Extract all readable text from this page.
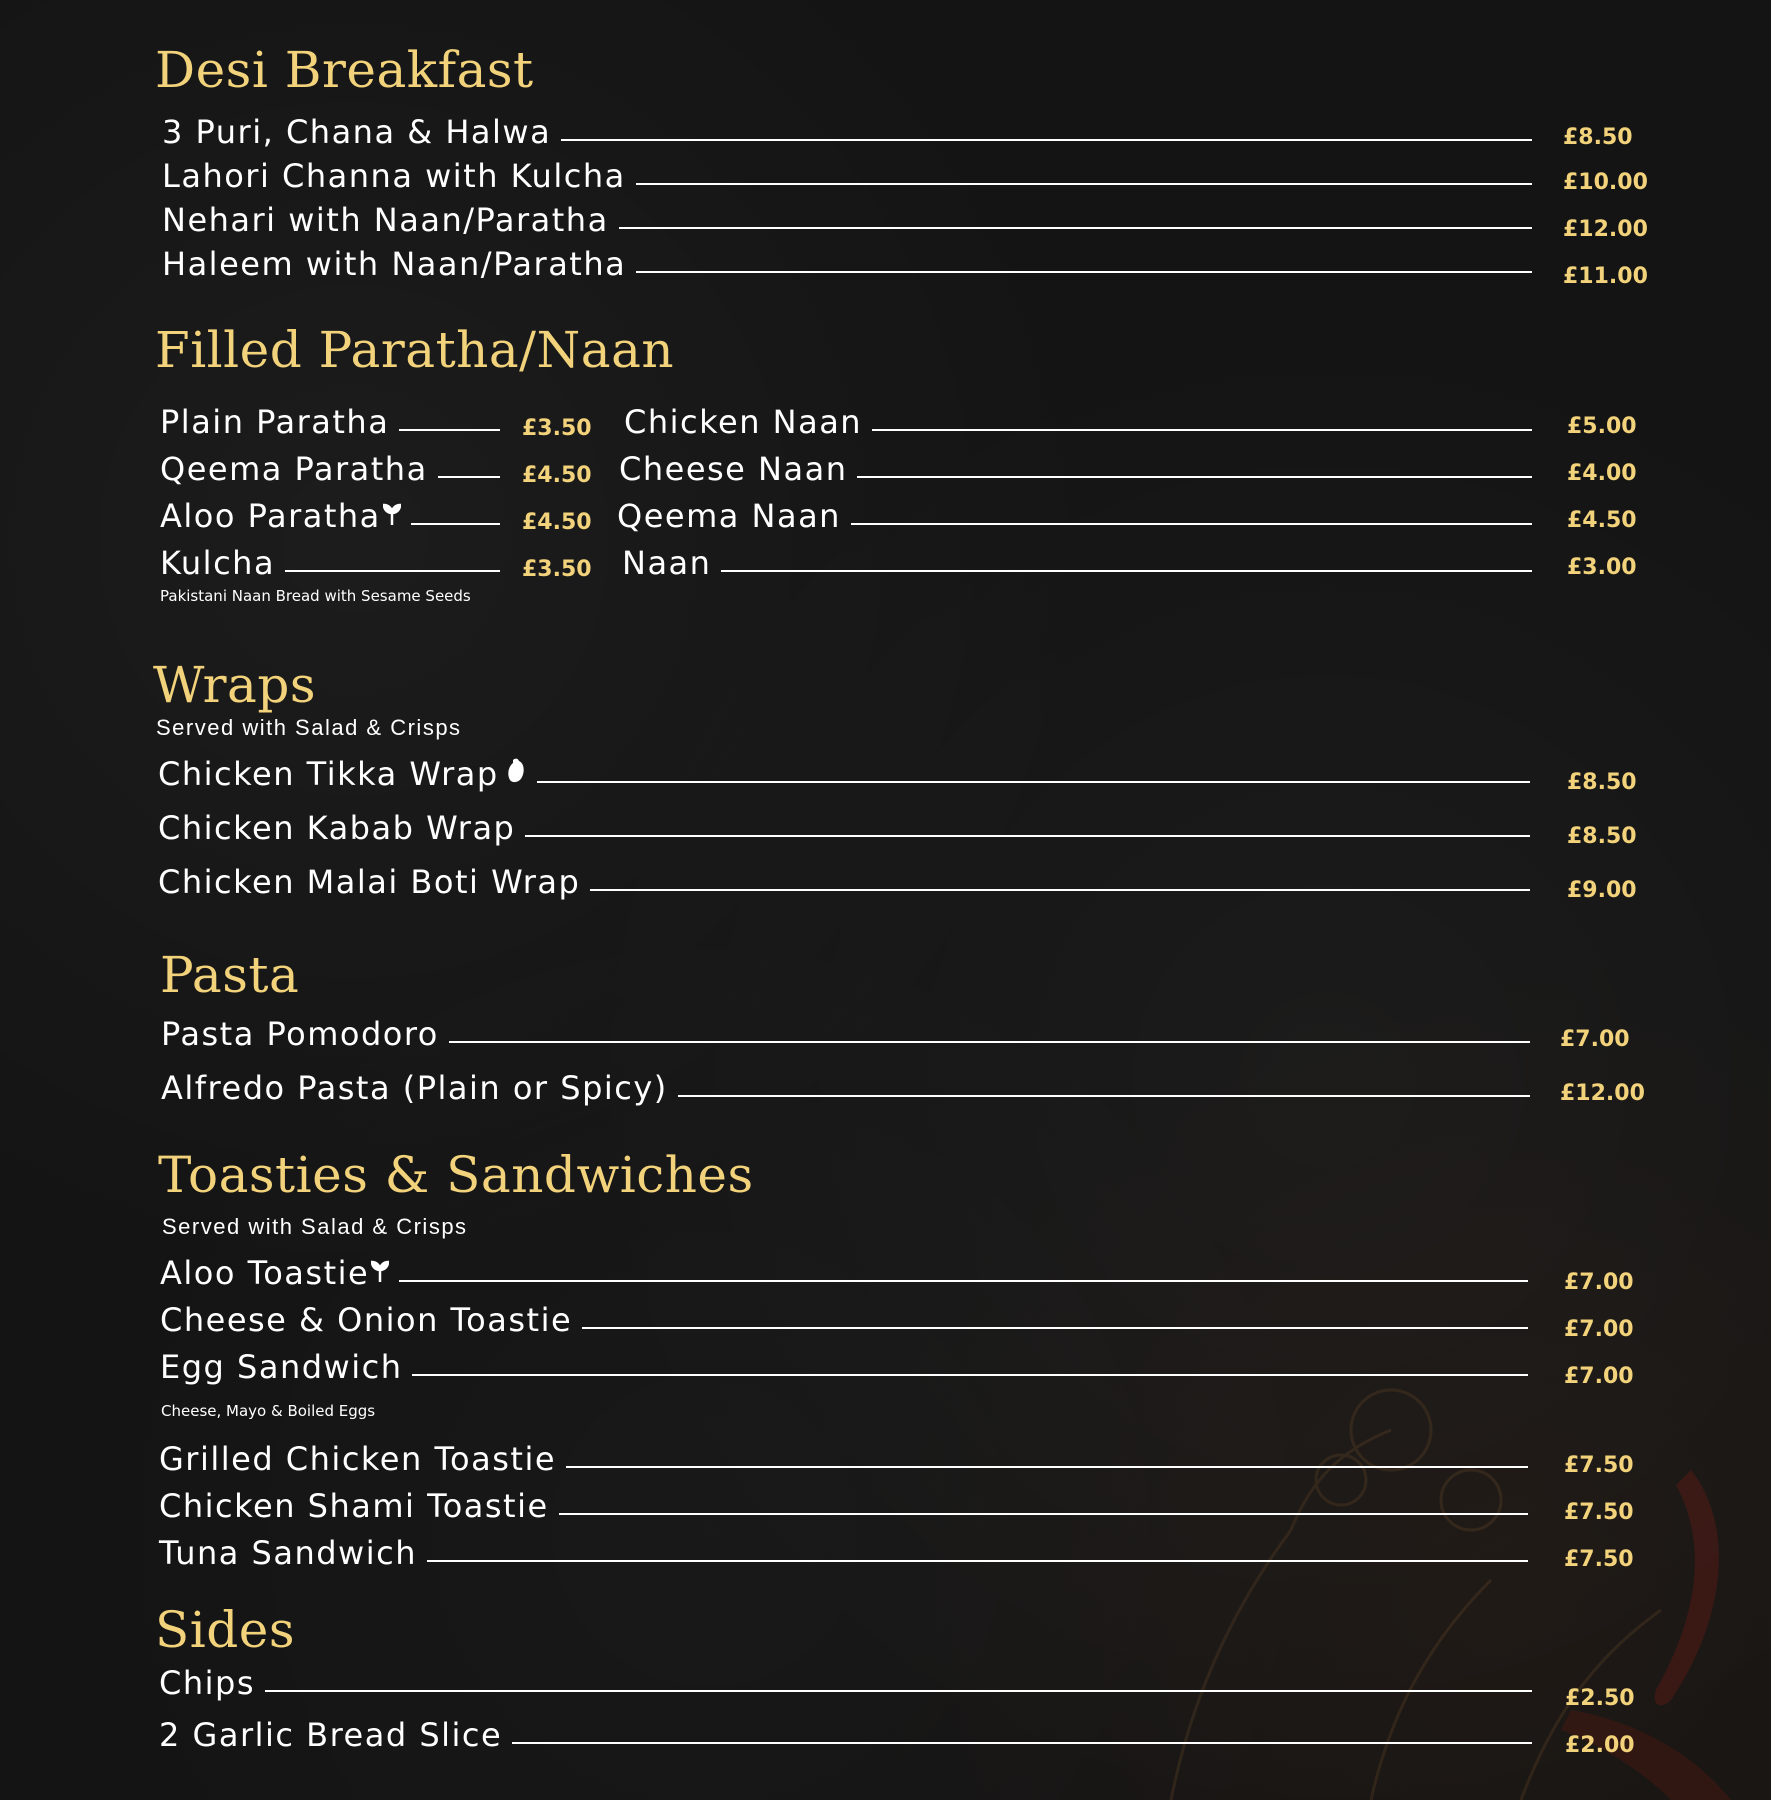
Desi Breakfast
3 Puri, Chana & Halwa	£8.50
Lahori Channa with Kulcha	£10.00
Nehari with Naan/Paratha	£12.00
Haleem with Naan/Paratha	£11.00
Filled Paratha/Naan
Plain Paratha	£3.50
Qeema Paratha	£4.50
Aloo Paratha	£4.50
Kulcha	£3.50
Pakistani Naan Bread with Sesame Seeds
Chicken Naan	£5.00
Cheese Naan	£4.00
Qeema Naan	£4.50
Naan	£3.00
Wraps
Served with Salad & Crisps
Chicken Tikka Wrap	£8.50
Chicken Kabab Wrap	£8.50
Chicken Malai Boti Wrap	£9.00
Pasta
Pasta Pomodoro	£7.00
Alfredo Pasta (Plain or Spicy)	£12.00
Toasties & Sandwiches
Served with Salad & Crisps
Aloo Toastie	£7.00
Cheese & Onion Toastie	£7.00
Egg Sandwich	£7.00
Cheese, Mayo & Boiled Eggs
Grilled Chicken Toastie	£7.50
Chicken Shami Toastie	£7.50
Tuna Sandwich	£7.50
Sides
Chips	£2.50
2 Garlic Bread Slice	£2.00
